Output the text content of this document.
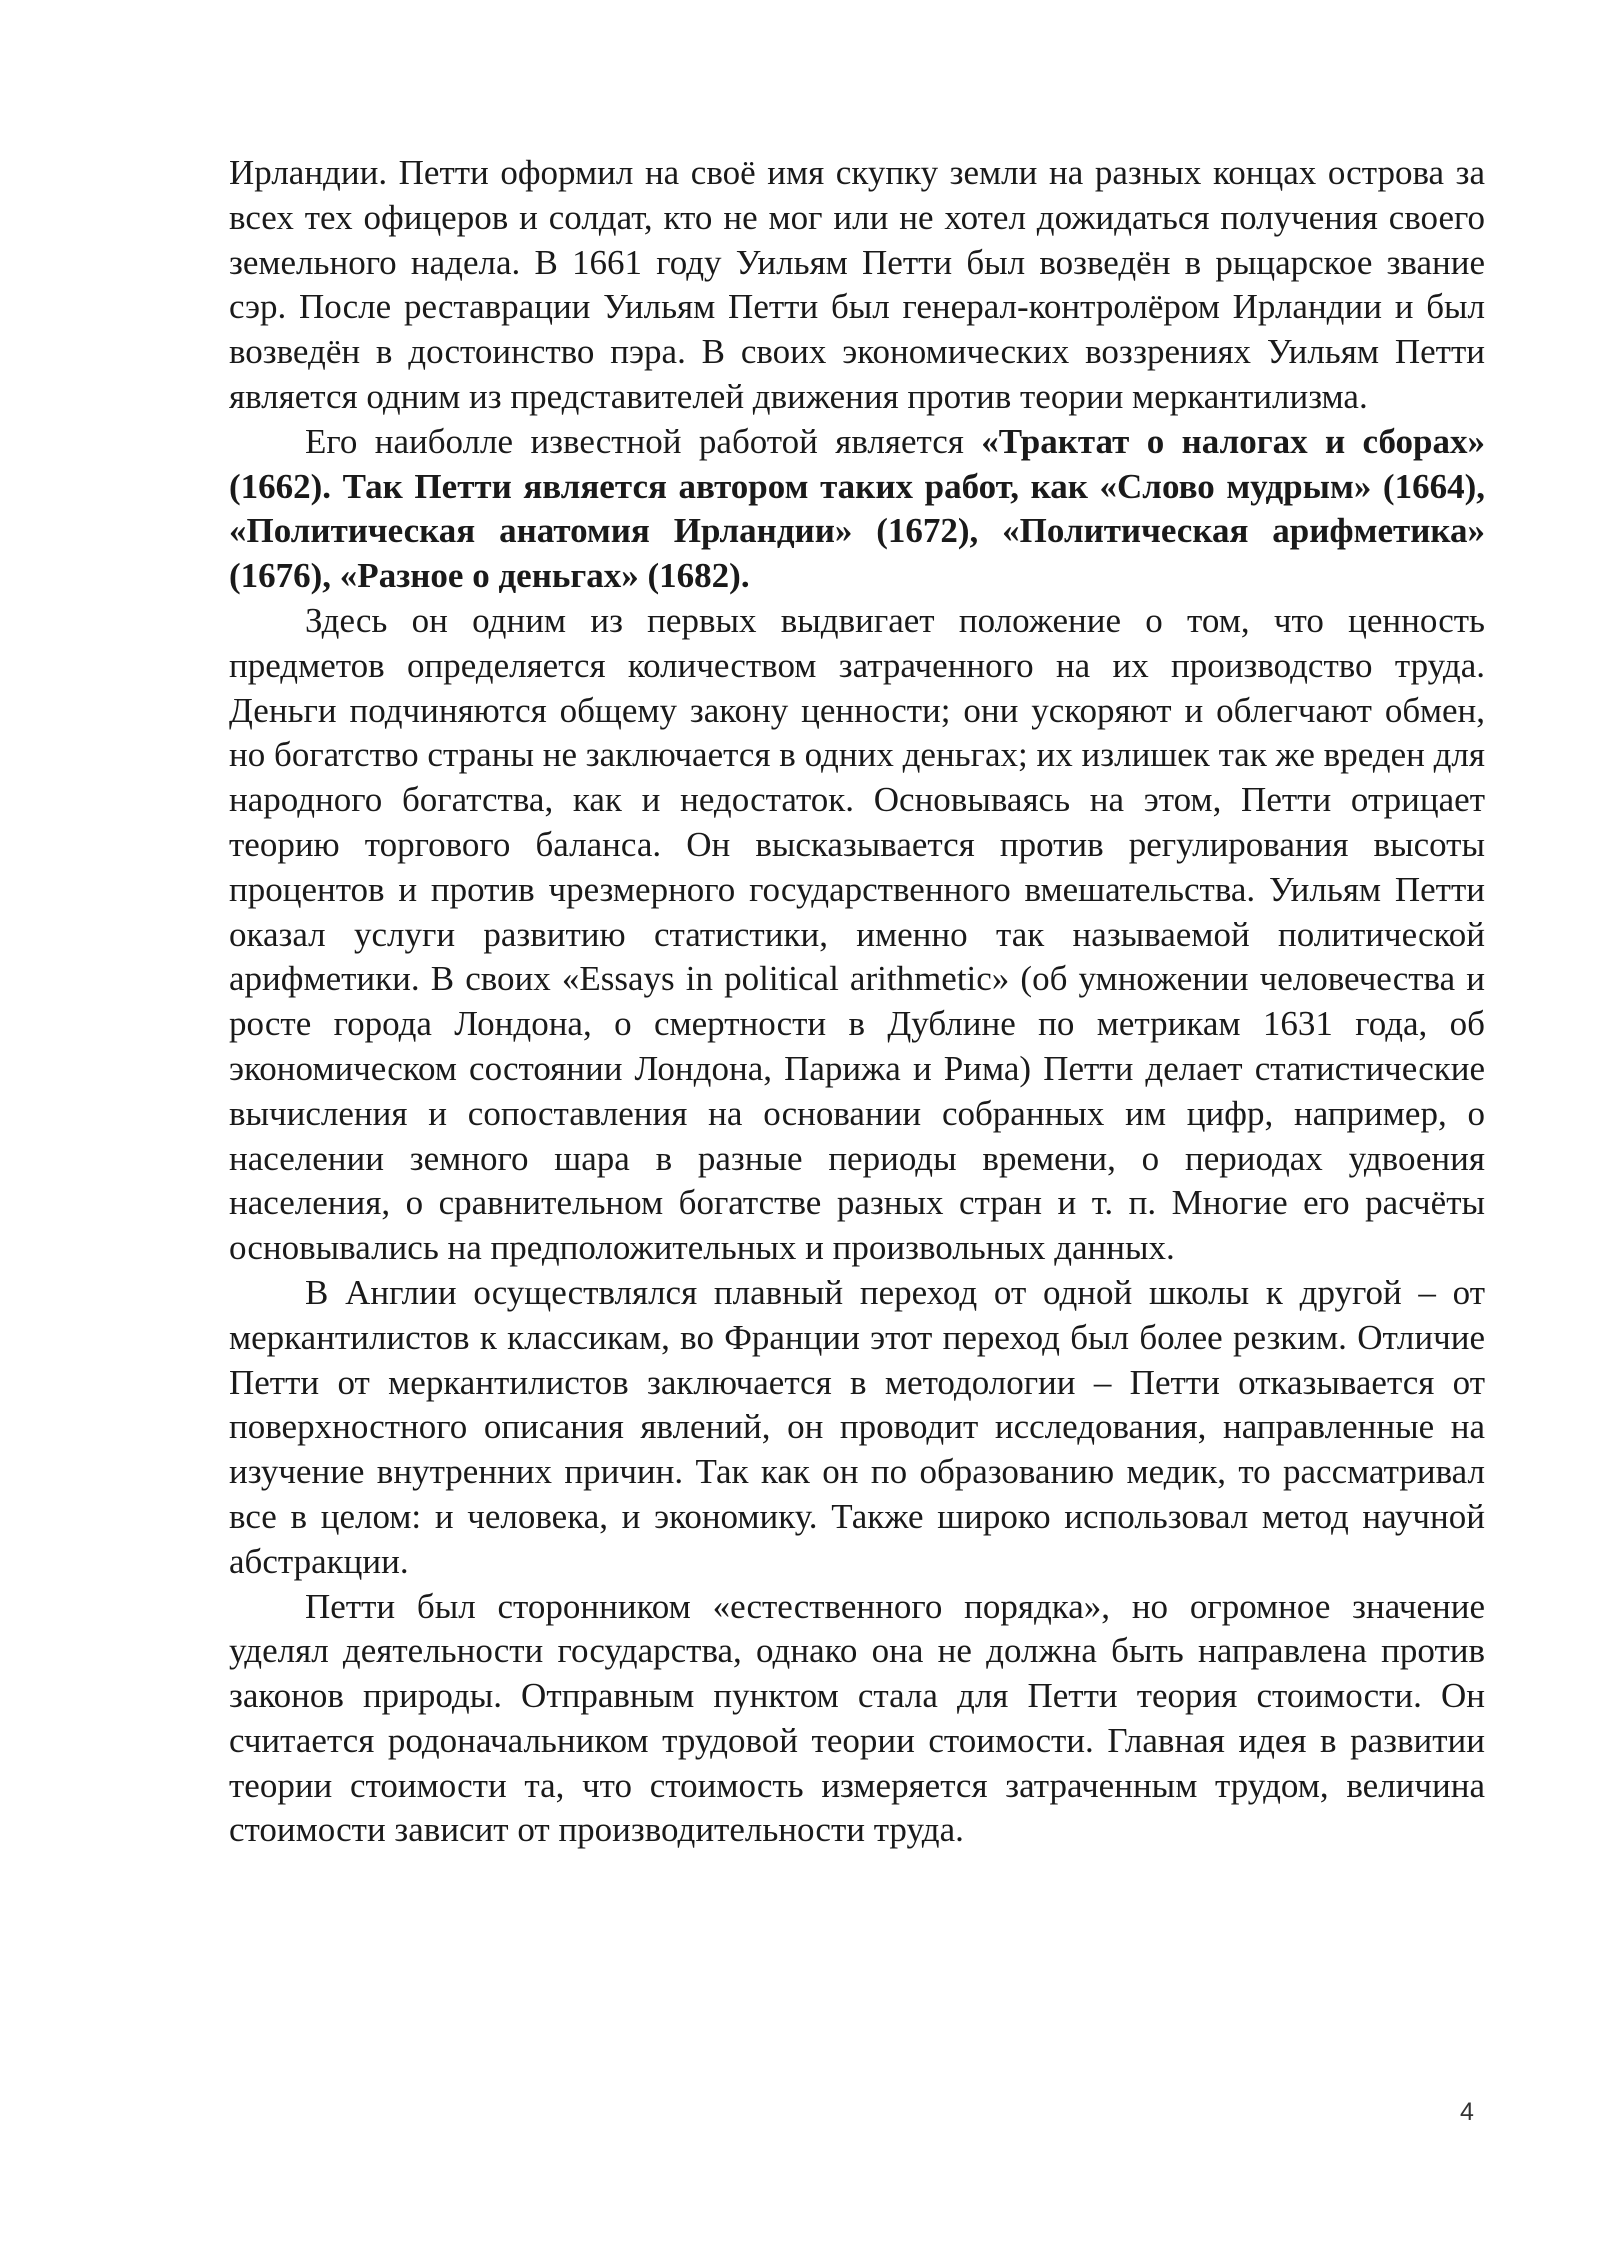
Ирландии. Петти оформил на своё имя скупку земли на разных концах острова за всех тех офицеров и солдат, кто не мог или не хотел дожидаться получения своего земельного надела. В 1661 году Уильям Петти был возведён в рыцарское звание сэр. После реставрации Уильям Петти был генерал-контролёром Ирландии и был возведён в достоинство пэра. В своих экономических воззрениях Уильям Петти является одним из представителей движения против теории меркантилизма.

Его наиболле известной работой является «Трактат о налогах и сборах» (1662). Так Петти является автором таких работ, как «Слово мудрым» (1664), «Политическая анатомия Ирландии» (1672), «Политическая арифметика» (1676), «Разное о деньгах» (1682).

Здесь он одним из первых выдвигает положение о том, что ценность предметов определяется количеством затраченного на их производство труда. Деньги подчиняются общему закону ценности; они ускоряют и облегчают обмен, но богатство страны не заключается в одних деньгах; их излишек так же вреден для народного богатства, как и недостаток. Основываясь на этом, Петти отрицает теорию торгового баланса. Он высказывается против регулирования высоты процентов и против чрезмерного государственного вмешательства. Уильям Петти оказал услуги развитию статистики, именно так называемой политической арифметики. В своих «Essays in political arithmetic» (об умножении человечества и росте города Лондона, о смертности в Дублине по метрикам 1631 года, об экономическом состоянии Лондона, Парижа и Рима) Петти делает статистические вычисления и сопоставления на основании собранных им цифр, например, о населении земного шара в разные периоды времени, о периодах удвоения населения, о сравнительном богатстве разных стран и т. п. Многие его расчёты основывались на предположительных и произвольных данных.

В Англии осуществлялся плавный переход от одной школы к другой – от меркантилистов к классикам, во Франции этот переход был более резким. Отличие Петти от меркантилистов заключается в методологии – Петти отказывается от поверхностного описания явлений, он проводит исследования, направленные на изучение внутренних причин. Так как он по образованию медик, то рассматривал все в целом: и человека, и экономику. Также широко использовал метод научной абстракции.

Петти был сторонником «естественного порядка», но огромное значение уделял деятельности государства, однако она не должна быть направлена против законов природы. Отправным пунктом стала для Петти теория стоимости. Он считается родоначальником трудовой теории стоимости. Главная идея в развитии теории стоимости та, что стоимость измеряется затраченным трудом, величина стоимости зависит от производительности труда.

4
